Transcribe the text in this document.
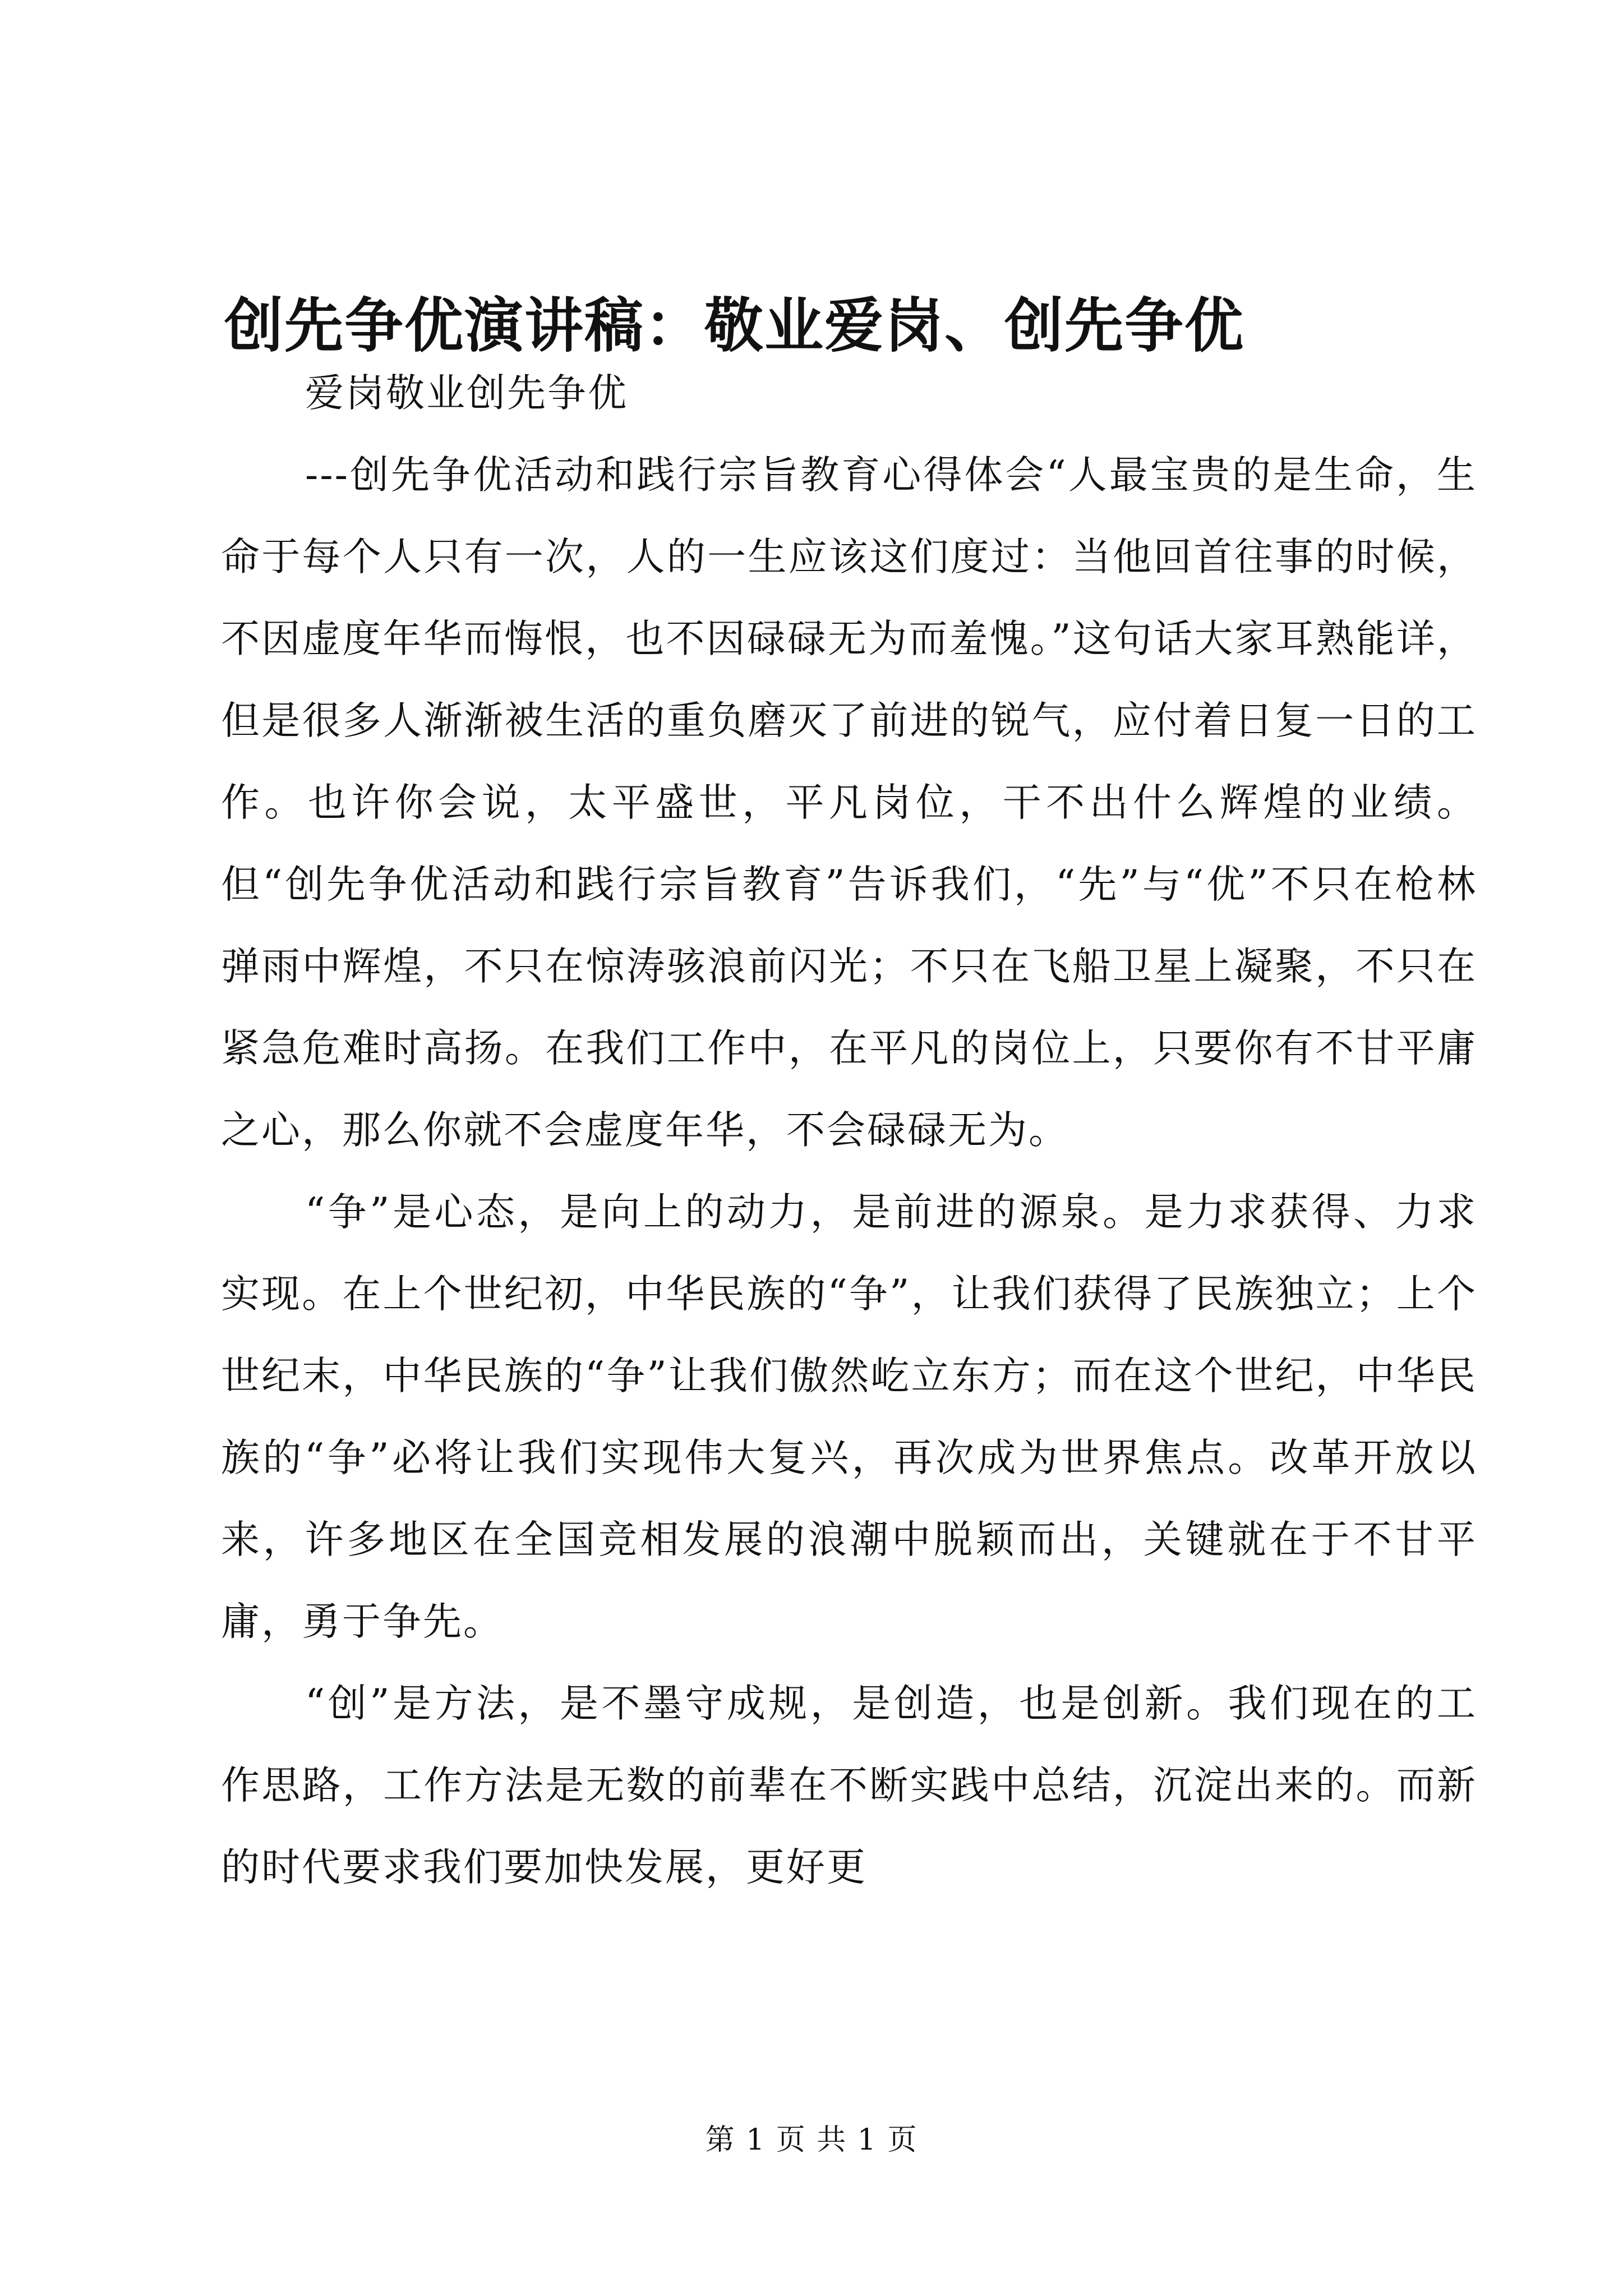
创先争优演讲稿：敬业爱岗、创先争优

爱岗敬业创先争优

---创先争优活动和践行宗旨教育心得体会“人最宝贵的是生命，生命于每个人只有一次，人的一生应该这们度过：当他回首往事的时候，不因虚度年华而悔恨，也不因碌碌无为而羞愧。”这句话大家耳熟能详，但是很多人渐渐被生活的重负磨灭了前进的锐气，应付着日复一日的工作。也许你会说，太平盛世，平凡岗位，干不出什么辉煌的业绩。但“创先争优活动和践行宗旨教育”告诉我们，“先”与“优”不只在枪林弹雨中辉煌，不只在惊涛骇浪前闪光；不只在飞船卫星上凝聚，不只在紧急危难时高扬。在我们工作中，在平凡的岗位上，只要你有不甘平庸之心，那么你就不会虚度年华，不会碌碌无为。

“争”是心态，是向上的动力，是前进的源泉。是力求获得、力求实现。在上个世纪初，中华民族的“争”，让我们获得了民族独立；上个世纪末，中华民族的“争”让我们傲然屹立东方；而在这个世纪，中华民族的“争”必将让我们实现伟大复兴，再次成为世界焦点。改革开放以来，许多地区在全国竞相发展的浪潮中脱颖而出，关键就在于不甘平庸，勇于争先。

“创”是方法，是不墨守成规，是创造，也是创新。我们现在的工作思路，工作方法是无数的前辈在不断实践中总结，沉淀出来的。而新的时代要求我们要加快发展，更好更

第 1 页 共 1 页
